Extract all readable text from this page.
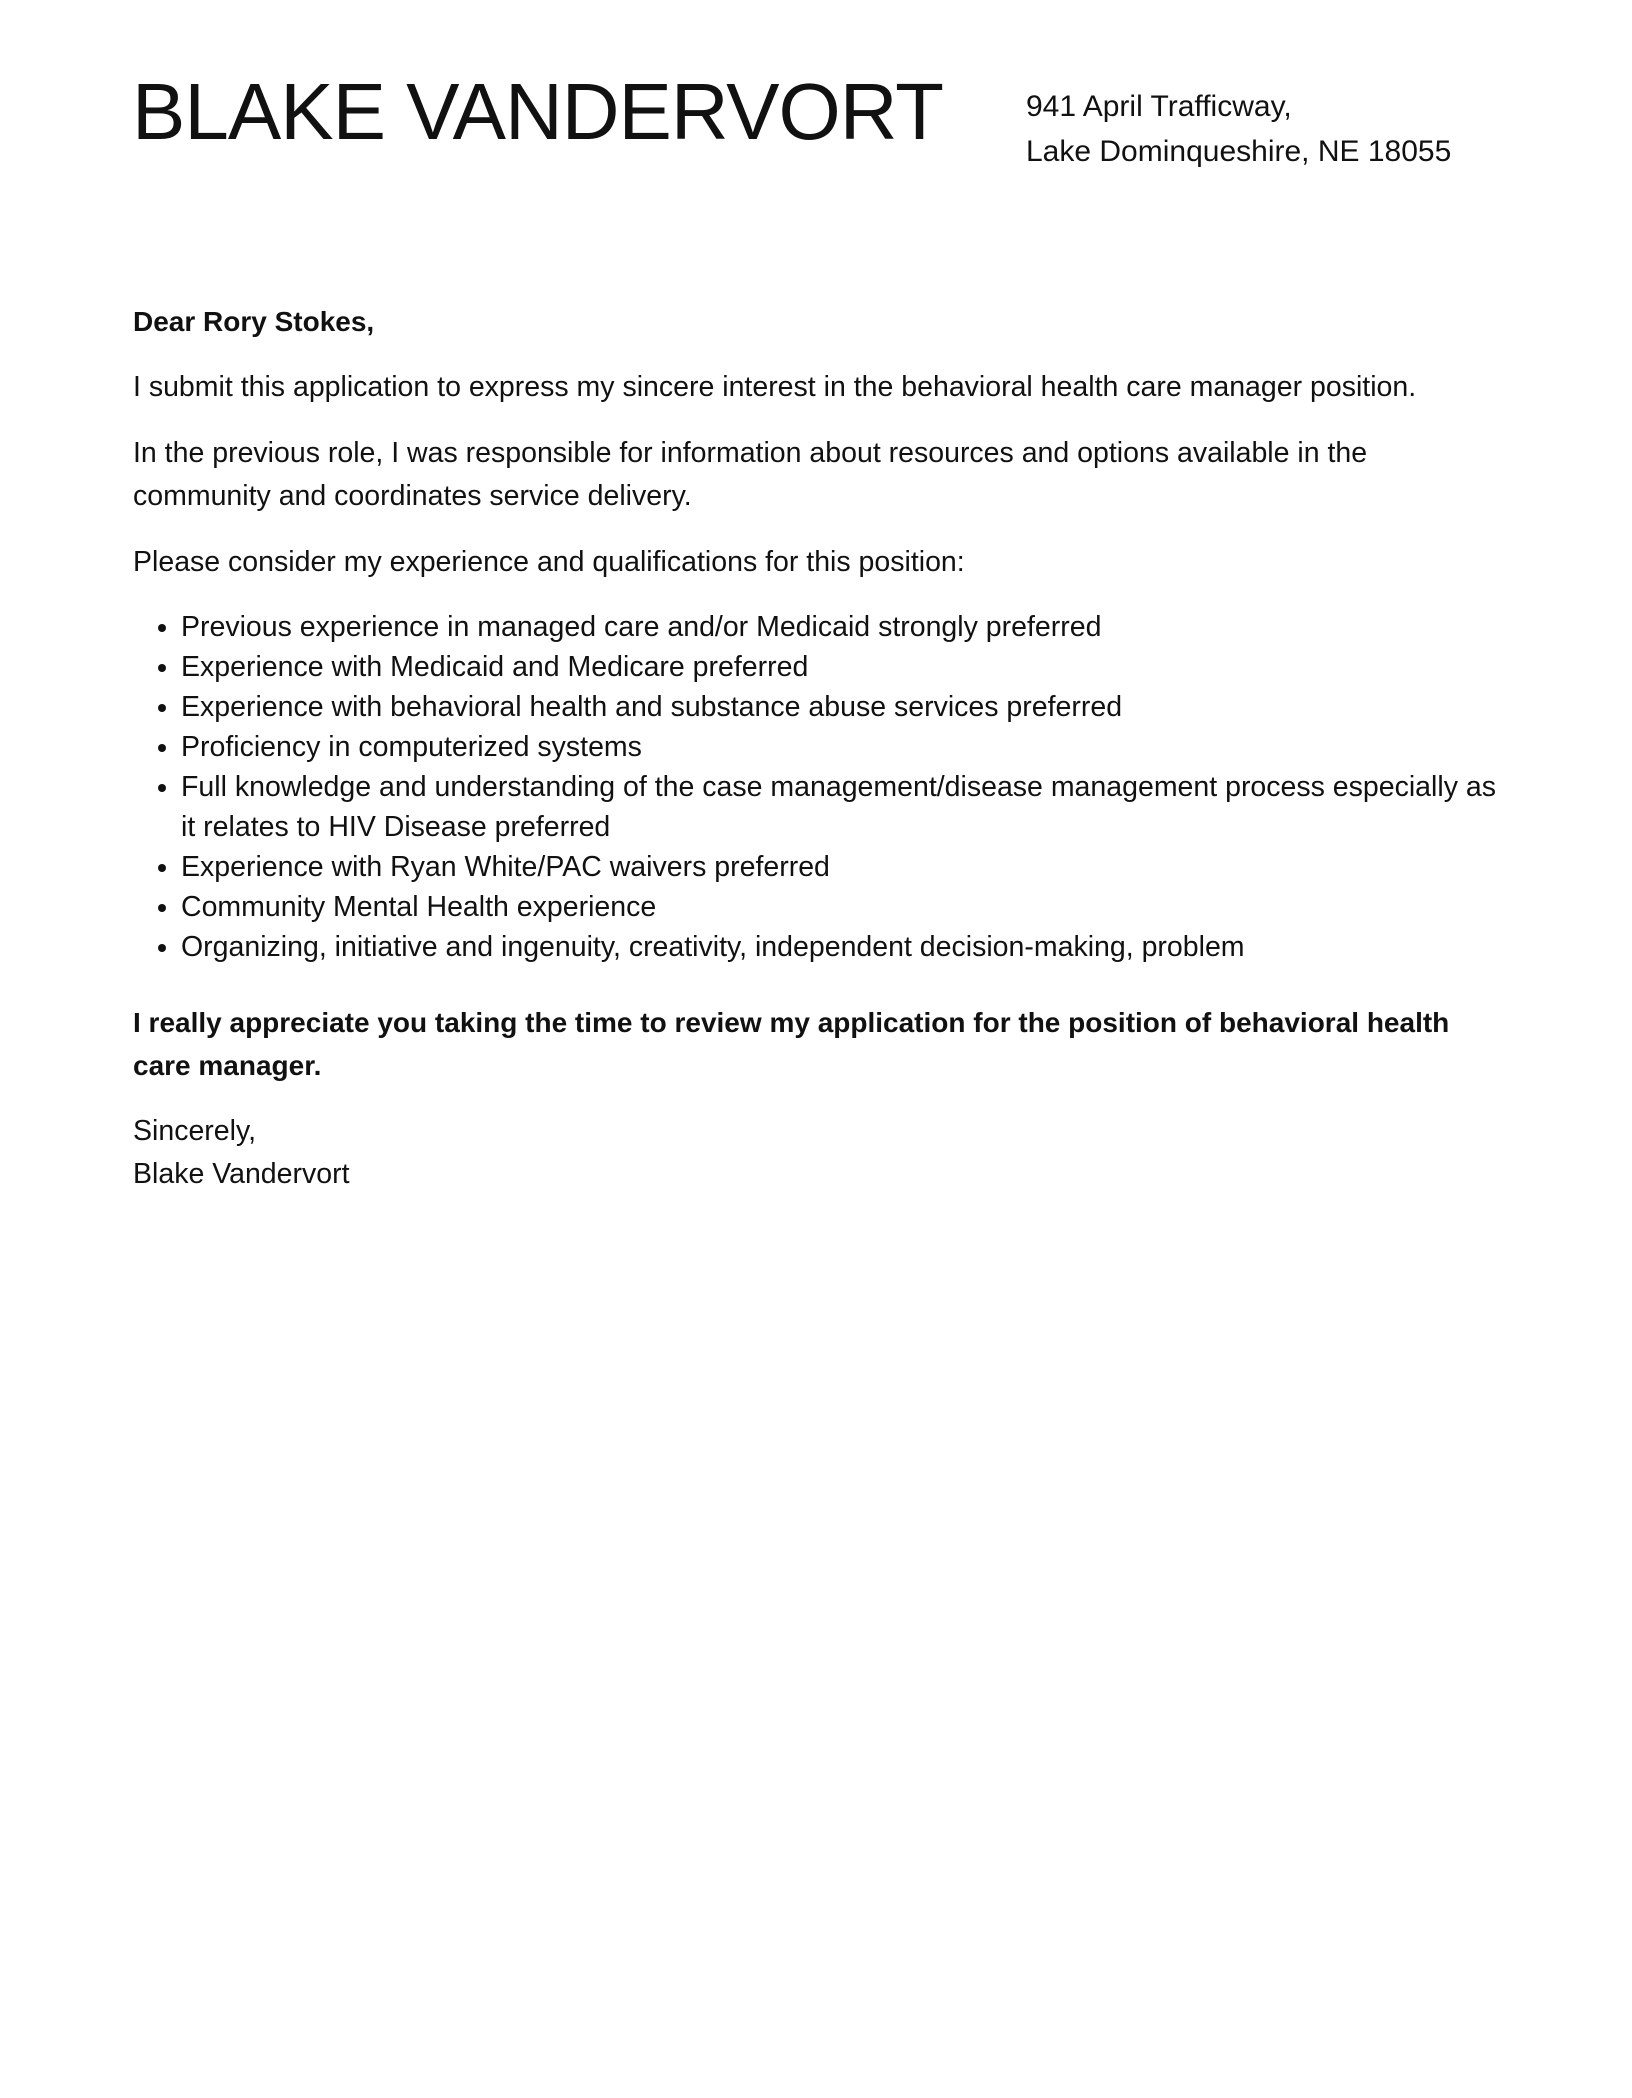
BLAKE VANDERVORT	941 April Trafficway,
Lake Dominqueshire, NE 18055

Dear Rory Stokes,

I submit this application to express my sincere interest in the behavioral health care manager position.

In the previous role, I was responsible for information about resources and options available in the community and coordinates service delivery.

Please consider my experience and qualifications for this position:

• Previous experience in managed care and/or Medicaid strongly preferred
• Experience with Medicaid and Medicare preferred
• Experience with behavioral health and substance abuse services preferred
• Proficiency in computerized systems
• Full knowledge and understanding of the case management/disease management process especially as it relates to HIV Disease preferred
• Experience with Ryan White/PAC waivers preferred
• Community Mental Health experience
• Organizing, initiative and ingenuity, creativity, independent decision-making, problem

I really appreciate you taking the time to review my application for the position of behavioral health care manager.

Sincerely,

Blake Vandervort
